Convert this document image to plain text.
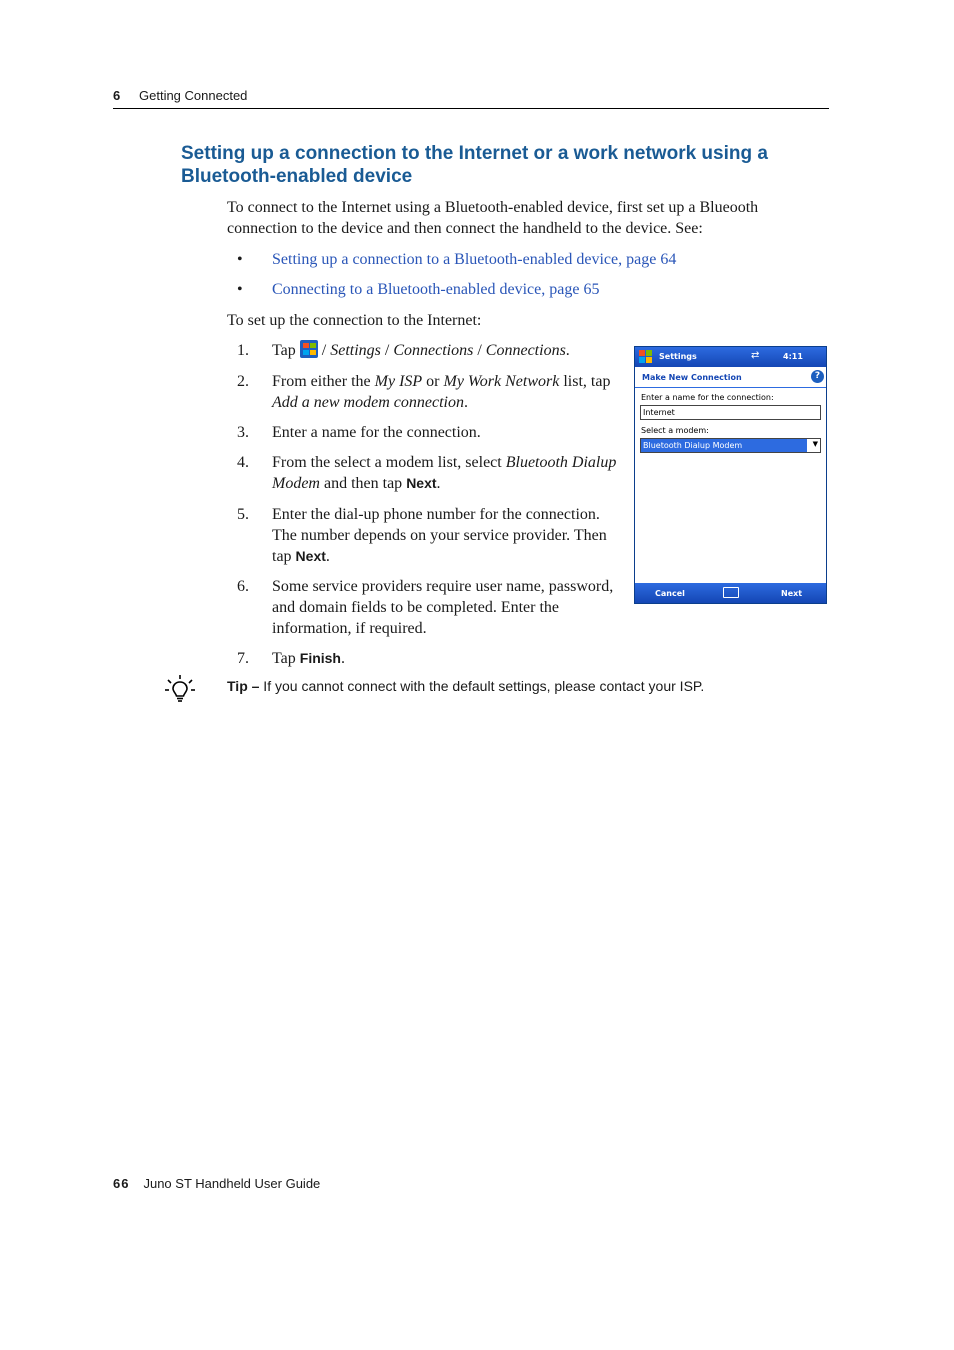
6 Getting Connected
Setting up a connection to the Internet or a work network using a Bluetooth-enabled device
To connect to the Internet using a Bluetooth-enabled device, first set up a Blueooth connection to the device and then connect the handheld to the device. See:
• Setting up a connection to a Bluetooth-enabled device, page 64
• Connecting to a Bluetooth-enabled device, page 65
To set up the connection to the Internet:
1. Tap
/ Settings / Connections / Connections.
2. From either the My ISP or My Work Network list, tap Add a new modem connection.
3. Enter a name for the connection.
4. From the select a modem list, select Bluetooth Dialup Modem and then tap Next.
5. Enter the dial-up phone number for the connection. The number depends on your service provider. Then tap Next.
6. Some service providers require user name, password, and domain fields to be completed. Enter the information, if required.
7. Tap Finish.
Settings	⇄	4:11
Make New Connection	?
Enter a name for the connection:
Internet
Select a modem:
Bluetooth Dialup Modem	▼
Cancel	Next
Tip – If you cannot connect with the default settings, please contact your ISP.
66 Juno ST Handheld User Guide
